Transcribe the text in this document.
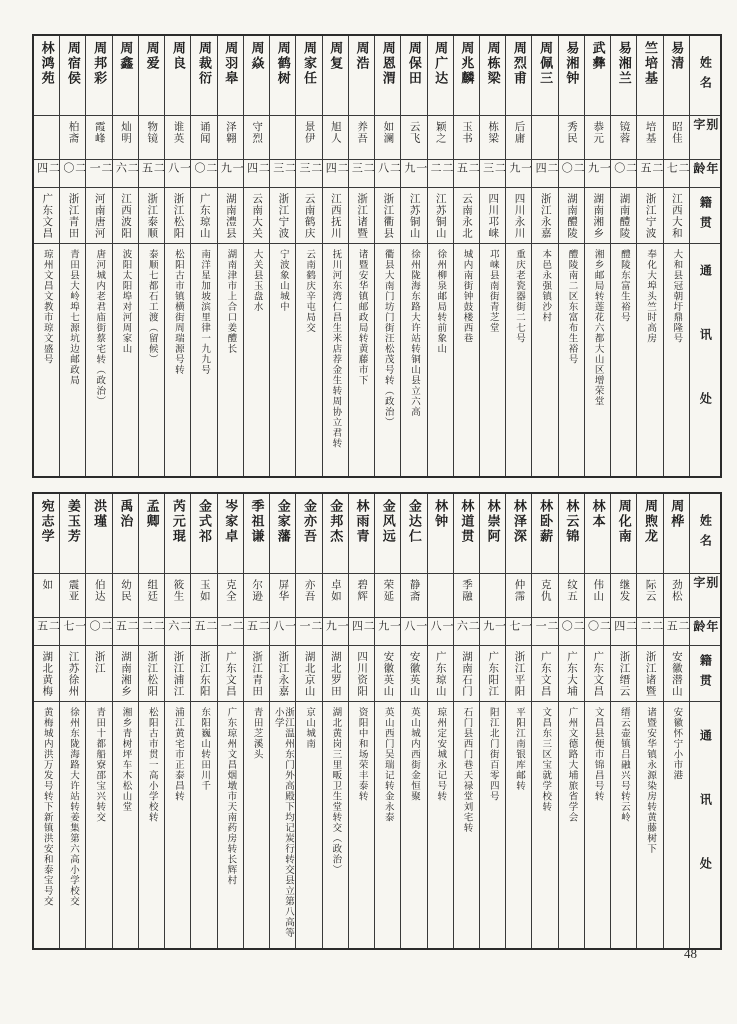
林鸿苑
二四
广东文昌
琼州文昌文教市琼文盛号
周宿侯
柏斋
二〇
浙江青田
青田县大岭埠七源坑边邮政局
周邦彩
霞峰
二一
河南唐河
唐河城内老君庙街蔡宅转（政治）
周鑫
灿明
二六
江西波阳
波阳太阳埠对河周家山
周爱
物镜
二五
浙江泰顺
泰顺七都石工渡（留候）
周良
谁英
一八
浙江松阳
松阳古市镇横街周瑞源号转
周裁衍
诵闻
二〇
广东琼山
南洋星加坡滨里律一九九号
周羽皋
泽翱
一九
湖南澧县
湖南津市上合口姜醴长
周焱
守烈
二四
云南大关
大关县玉盘水
周鹤树
二三
浙江宁波
宁波象山城中
周家任
景伊
二三
云南鹤庆
云南鹤庆辛屯局交
周复
旭人
二四
江西抚川
抚川河东湾仁昌生米店荐金生转周协立君转
周浩
养吾
二三
浙江诸暨
诸暨安华镇邮政局转黄藤市下
周恩渭
如澜
二八
浙江衢县
衢县大南门坊门街汪松茂号转（政治）
周保田
云飞
一九
江苏铜山
徐州陇海东路大许站转铜山县立六高
周广达
颖之
二二
江苏铜山
徐州柳泉邮局转前象山
周兆麟
玉书
二五
云南永北
城内南街钟鼓楼西巷
周栋梁
栋梁
二三
四川邛崃
邛崃县南街青芝堂
周烈甫
后庸
一九
四川永川
重庆老瓷器街二七号
周佩三
二四
浙江永嘉
本邑永强镇沙村
易湘钟
秀民
二〇
湖南醴陵
醴陵南二区东富布生裕号
武彝
恭元
一九
湖南湘乡
湘乡邮局转莲花六都大山区增荣堂
易湘兰
镜蓉
二〇
湖南醴陵
醴陵东富生裕号
竺培基
培基
二五
浙江宁波
奉化大埠头竺时高房
易清
昭佳
二七
江西大和
大和县冠朝圩鼎隆号
姓名
别字
年龄
籍贯
通讯处
宛志学
如
二五
湖北黄梅
黄梅城内洪万发号转下新镇洪安和泰宝号交
姜玉芳
震亚
一七
江苏徐州
徐州东陇海路大许站转姜集第六高小学校交
洪瑾
伯达
二〇
浙江
青田十都船寮邵宝兴转交
禹治
幼民
二五
湖南湘乡
湘乡青树坪车木松山堂
孟卿
组廷
二二
浙江松阳
松阳古市贯一高小学校转
芮元琨
筱生
二六
浙江浦江
浦江黄宅市正泰昌转
金式祁
玉如
二五
浙江东阳
东阳巍山转田川千
岑家卓
克全
二一
广东文昌
广东琼州文昌烟墩市天南药房转长辉村
季祖谦
尔逊
二五
浙江青田
青田芝溪头
金家藩
屏华
一八
浙江永嘉
浙江温州东门外高殿下均记炭行转交县立第八高等小学
金亦吾
亦吾
二一
湖北京山
京山城南
金邦杰
卓如
一九
湖北罗田
湖北黄岗三里畈卫生堂转交（政治）
林雨青
碧辉
二四
四川资阳
资阳中和场荣丰泰转
金风远
荣延
一九
安徽英山
英山西门吴瑞记转金永泰
金达仁
静斋
一八
安徽英山
英山城内西街金恒聚
林钟
一八
广东琼山
琼州定安城永记号转
林道贯
季融
二六
湖南石门
石门县西门巷天禄堂刘宅转
林崇阿
一九
广东阳江
阳江北门街百零四号
林泽深
仲霈
一七
浙江平阳
平阳江南银库邮转
林卧薪
克仇
二一
广东文昌
文昌东三区宝就学校转
林云锦
纹五
二〇
广东大埔
广州文德路大埔旅省学会
林本
伟山
二〇
广东文昌
文昌县便市锦昌号转
周化南
继发
二四
浙江缙云
缙云壶镇吕融兴号转云岭
周煦龙
际云
二二
浙江诸暨
诸暨安华镇永源染房转黄藤树下
周桦
劲松
二五
安徽潜山
安徽怀宁小市港
姓名
别字
年龄
籍贯
通讯处
48
